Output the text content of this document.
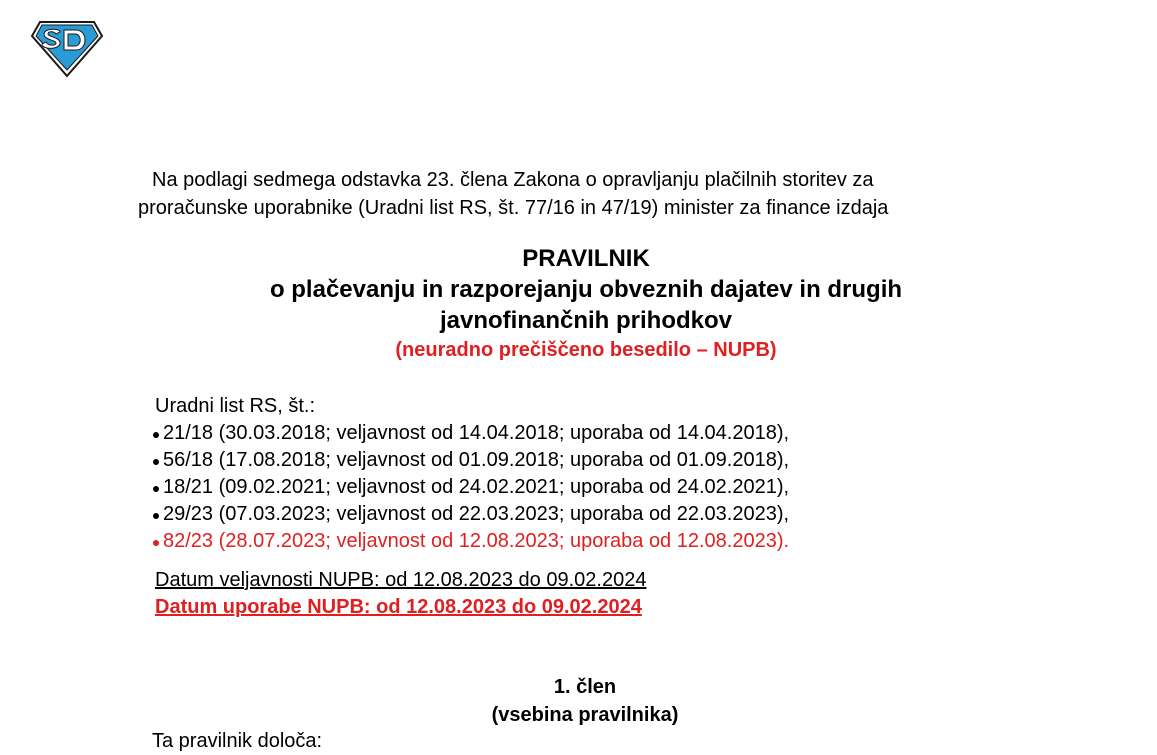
Na podlagi sedmega odstavka 23. člena Zakona o opravljanju plačilnih storitev za
proračunske uporabnike (Uradni list RS, št. 77/16 in 47/19) minister za finance izdaja
PRAVILNIK
o plačevanju in razporejanju obveznih dajatev in drugih
javnofinančnih prihodkov
(neuradno prečiščeno besedilo – NUPB)
Uradni list RS, št.:
21/18 (30.03.2018; veljavnost od 14.04.2018; uporaba od 14.04.2018),
56/18 (17.08.2018; veljavnost od 01.09.2018; uporaba od 01.09.2018),
18/21 (09.02.2021; veljavnost od 24.02.2021; uporaba od 24.02.2021),
29/23 (07.03.2023; veljavnost od 22.03.2023; uporaba od 22.03.2023),
82/23 (28.07.2023; veljavnost od 12.08.2023; uporaba od 12.08.2023).
Datum veljavnosti NUPB: od 12.08.2023 do 09.02.2024
Datum uporabe NUPB: od 12.08.2023 do 09.02.2024
1. člen
(vsebina pravilnika)
Ta pravilnik določa:
